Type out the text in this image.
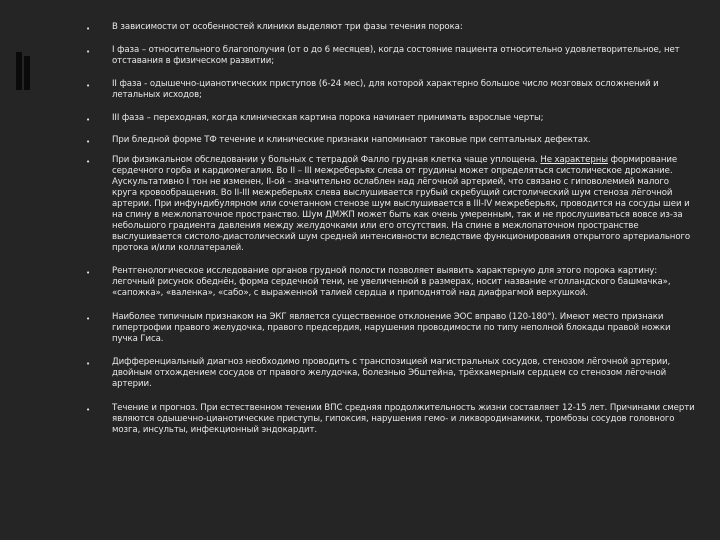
•	В зависимости от особенностей клиники выделяют три фазы течения порока:
•	I фаза – относительного благополучия (от о до 6 месяцев), когда состояние пациента относительно удовлетворительное, нет отставания в физическом развитии;
•	II фаза - одышечно-цианотических приступов (6-24 мес), для которой характерно большое число мозговых осложнений и летальных исходов;
•	III фаза – переходная, когда клиническая картина порока начинает принимать взрослые черты;
•	При бледной форме ТФ течение и клинические признаки напоминают таковые при септальных дефектах.
•	При физикальном обследовании у больных с тетрадой Фалло грудная клетка чаще уплощена. Не характерны формирование сердечного горба и кардиомегалия. Во II – III межреберьях слева от грудины может определяться систолическое дрожание. Аускультативно I тон не изменен, II-ой – значительно ослаблен над лёгочной артерией, что связано с гиповолемией малого круга кровообращения. Во II-III межреберьях слева выслушивается грубый скребущий систолический шум стеноза лёгочной артерии. При инфундибулярном или сочетанном стенозе шум выслушивается в III-IV межреберьях, проводится на сосуды шеи и на спину в межлопаточное пространство. Шум ДМЖП может быть как очень умеренным, так и не прослушиваться вовсе из-за небольшого градиента давления между желудочками или его отсутствия. На спине в межлопаточном пространстве выслушивается систоло-диастолический шум средней интенсивности вследствие функционирования открытого артериального протока и/или коллатералей.
•	Рентгенологическое исследование органов грудной полости позволяет выявить характерную для этого порока картину: легочный рисунок обеднён, форма сердечной тени, не увеличенной в размерах, носит название «голландского башмачка», «сапожка», «валенка», «сабо», с выраженной талией сердца и приподнятой над диафрагмой верхушкой.
•	Наиболее типичным признаком на ЭКГ является существенное отклонение ЭОС вправо (120-180°). Имеют место признаки гипертрофии правого желудочка, правого предсердия, нарушения проводимости по типу неполной блокады правой ножки пучка Гиса.
•	Дифференциальный диагноз необходимо проводить с транспозицией магистральных сосудов, стенозом лёгочной артерии, двойным отхождением сосудов от правого желудочка, болезнью Эбштейна, трёхкамерным сердцем со стенозом лёгочной артерии.
•	Течение и прогноз. При естественном течении ВПС средняя продолжительность жизни составляет 12-15 лет. Причинами смерти являются одышечно-цианотические приступы, гипоксия, нарушения гемо- и ликвородинамики, тромбозы сосудов головного мозга, инсульты, инфекционный эндокардит.
